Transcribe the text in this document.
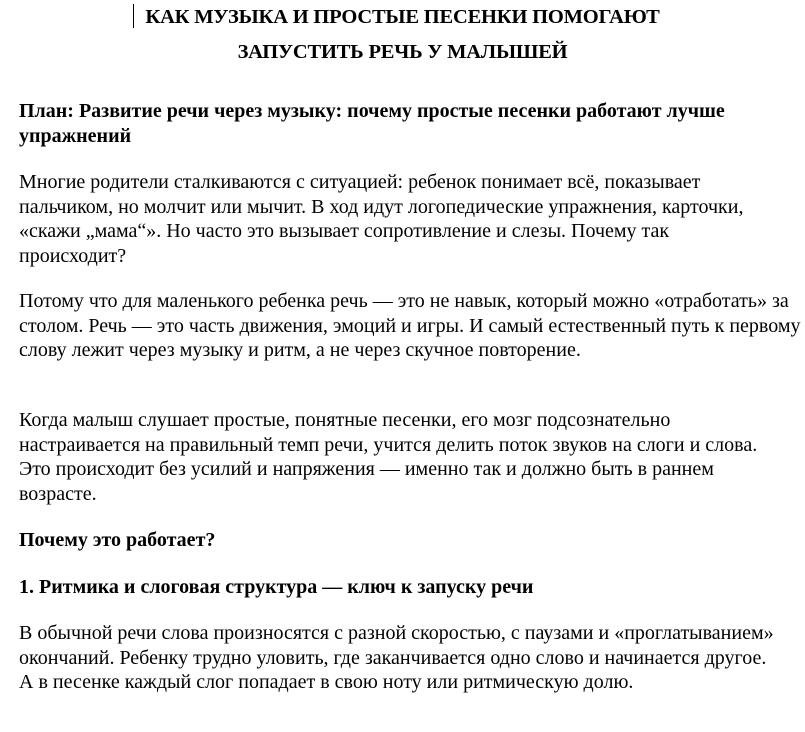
КАК МУЗЫКА И ПРОСТЫЕ ПЕСЕНКИ ПОМОГАЮТ
ЗАПУСТИТЬ РЕЧЬ У МАЛЫШЕЙ

План: Развитие речи через музыку: почему простые песенки работают лучше упражнений

Многие родители сталкиваются с ситуацией: ребенок понимает всё, показывает пальчиком, но молчит или мычит. В ход идут логопедические упражнения, карточки, «скажи „мама“». Но часто это вызывает сопротивление и слезы. Почему так происходит?

Потому что для маленького ребенка речь — это не навык, который можно «отработать» за столом. Речь — это часть движения, эмоций и игры. И самый естественный путь к первому слову лежит через музыку и ритм, а не через скучное повторение.

Когда малыш слушает простые, понятные песенки, его мозг подсознательно настраивается на правильный темп речи, учится делить поток звуков на слоги и слова. Это происходит без усилий и напряжения — именно так и должно быть в раннем возрасте.

Почему это работает?

1. Ритмика и слоговая структура — ключ к запуску речи

В обычной речи слова произносятся с разной скоростью, с паузами и «проглатыванием» окончаний. Ребенку трудно уловить, где заканчивается одно слово и начинается другое. А в песенке каждый слог попадает в свою ноту или ритмическую долю.
